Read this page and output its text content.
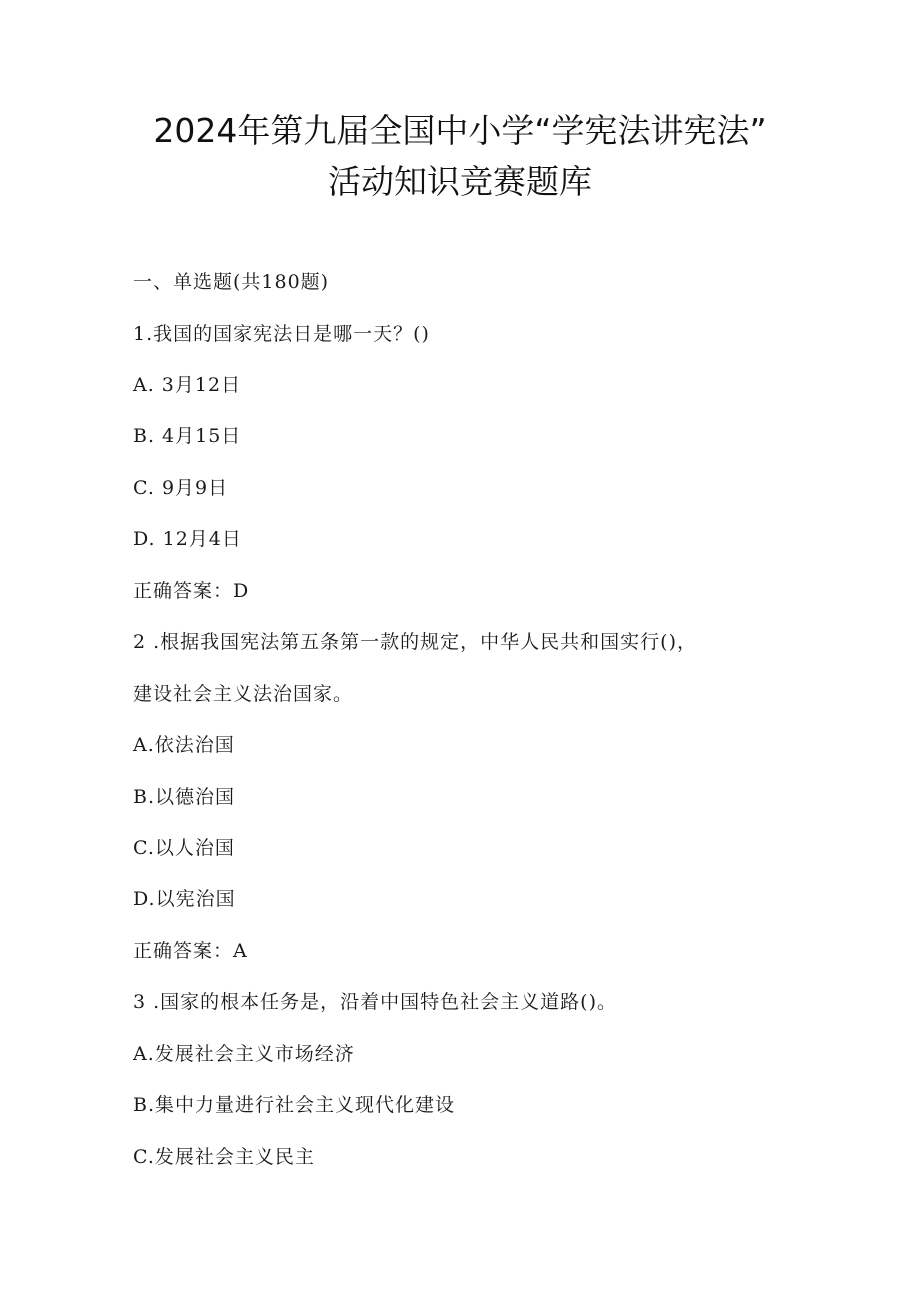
2024年第九届全国中小学“学宪法讲宪法”
活动知识竞赛题库
一、单选题(共180题)
1.我国的国家宪法日是哪一天？()
A. 3月12日
B. 4月15日
C. 9月9日
D. 12月4日
正确答案：D
2 .根据我国宪法第五条第一款的规定，中华人民共和国实行()，
建设社会主义法治国家。
A.依法治国
B.以德治国
C.以人治国
D.以宪治国
正确答案：A
3 .国家的根本任务是，沿着中国特色社会主义道路()。
A.发展社会主义市场经济
B.集中力量进行社会主义现代化建设
C.发展社会主义民主
